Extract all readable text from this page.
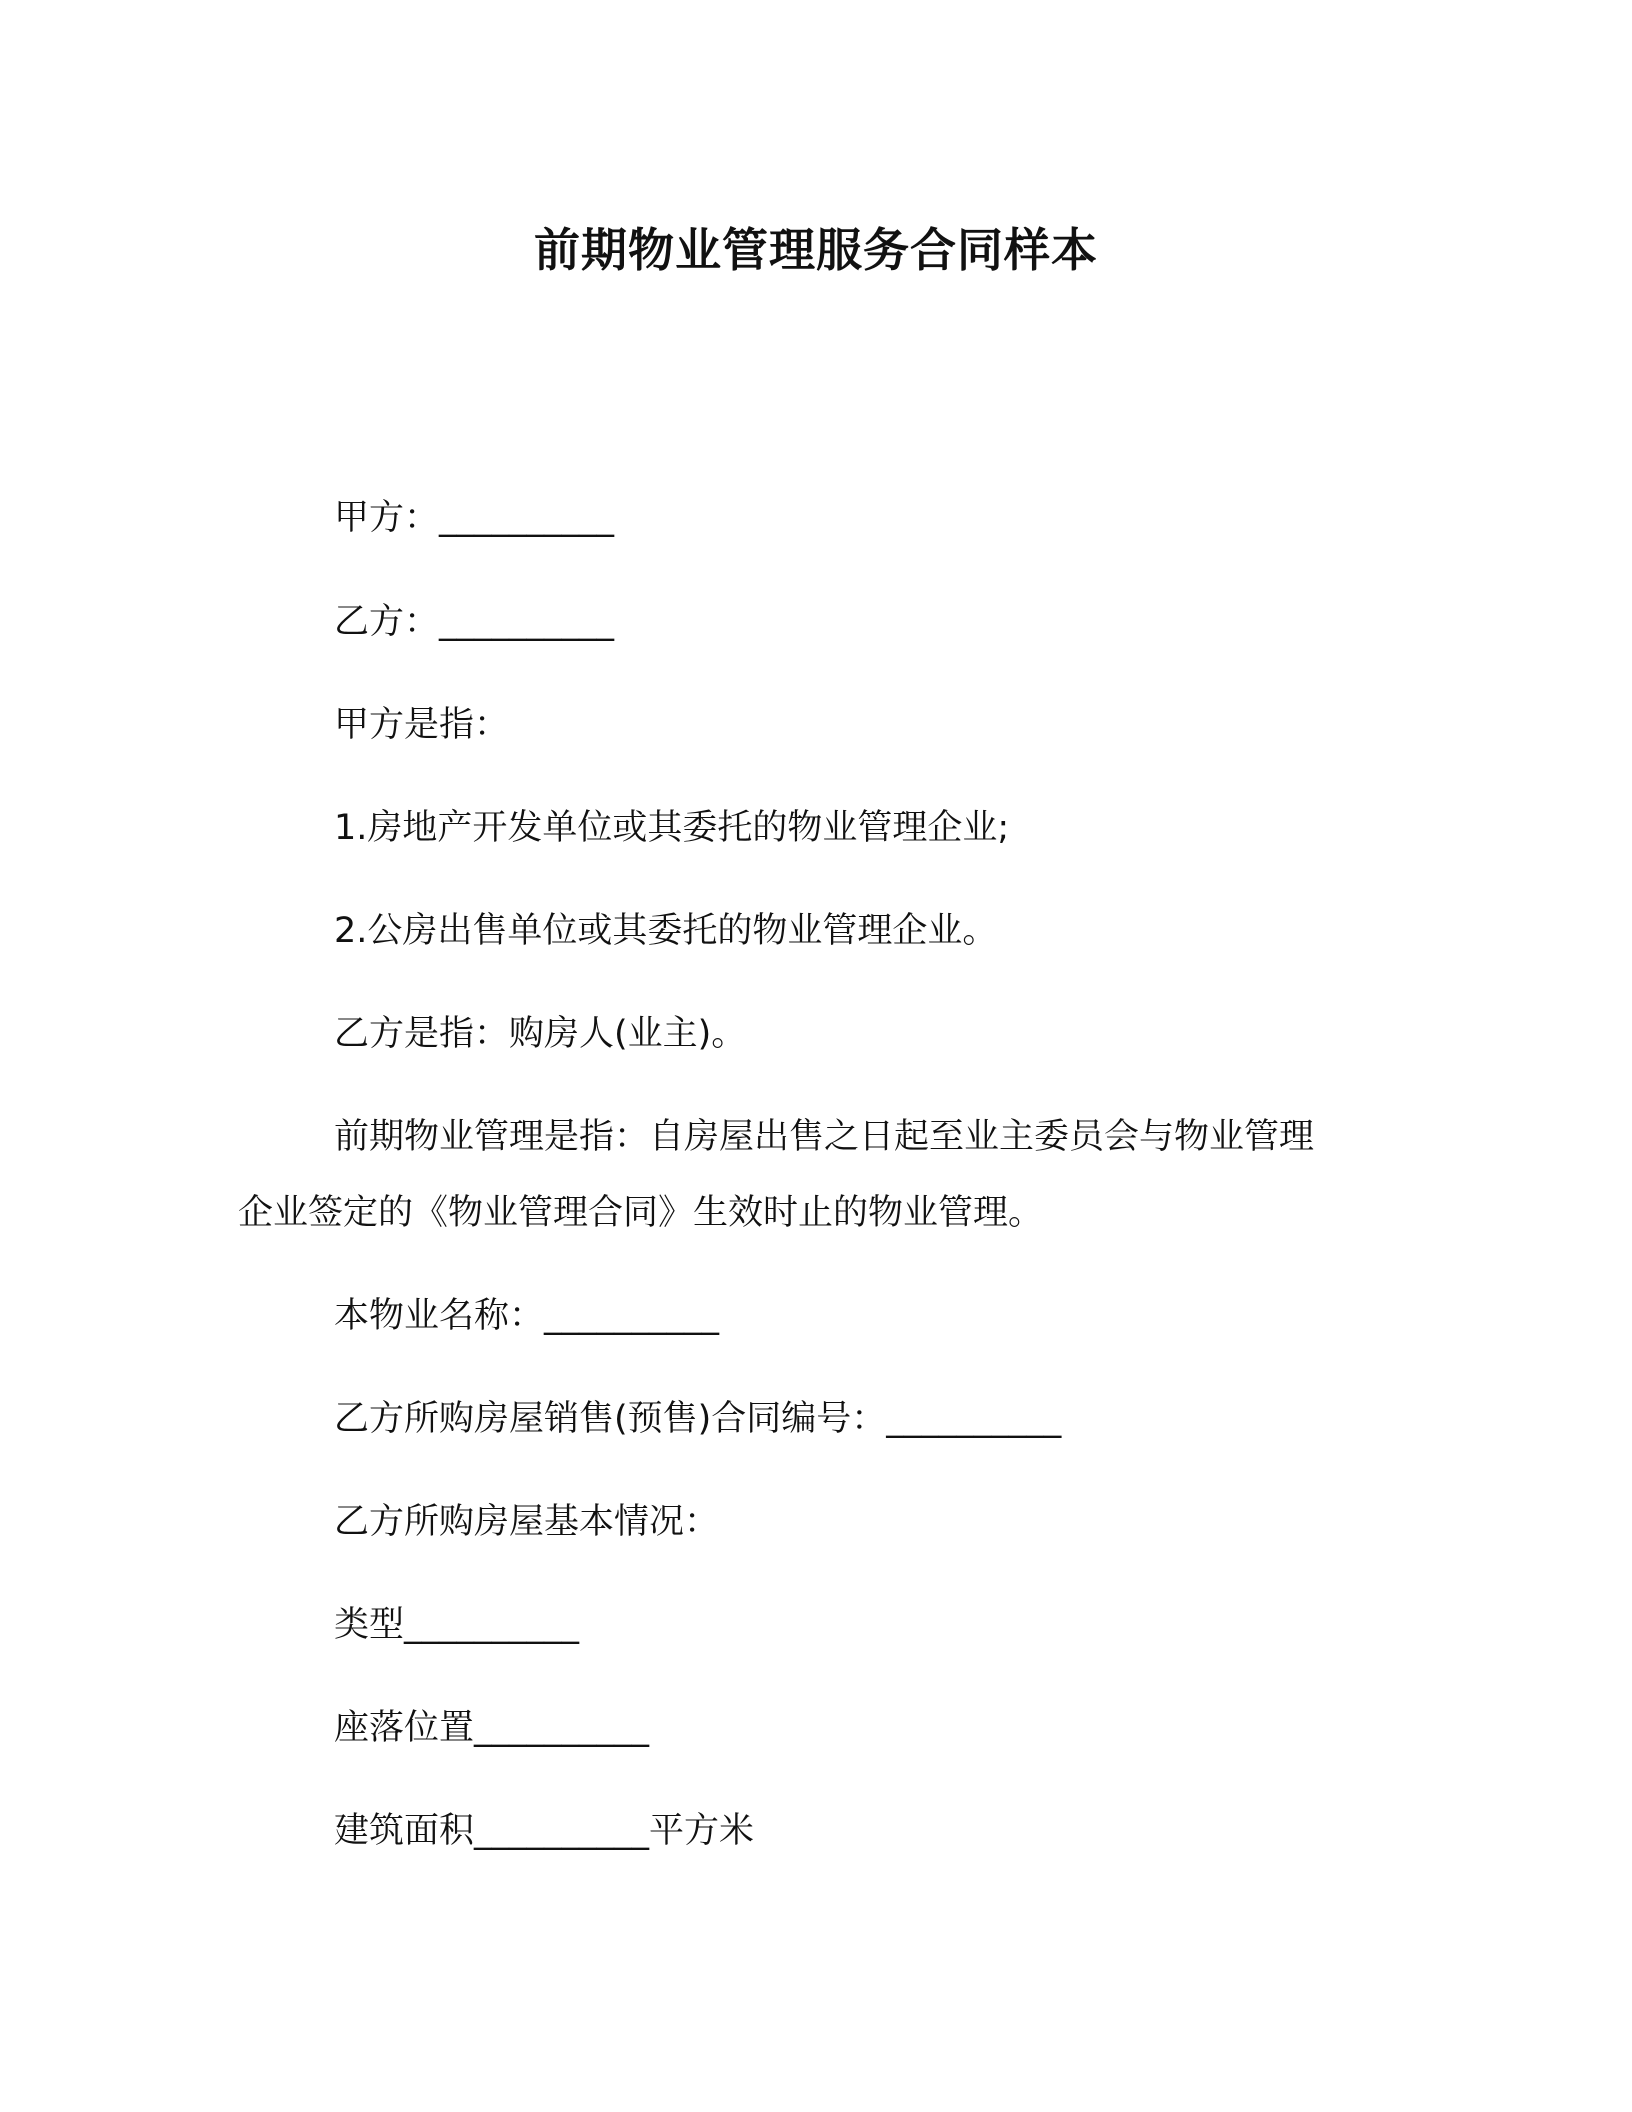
前期物业管理服务合同样本

甲方：__________

乙方：__________

甲方是指：

1.房地产开发单位或其委托的物业管理企业;

2.公房出售单位或其委托的物业管理企业。

乙方是指：购房人(业主)。

前期物业管理是指：自房屋出售之日起至业主委员会与物业管理

企业签定的《物业管理合同》生效时止的物业管理。

本物业名称：__________

乙方所购房屋销售(预售)合同编号：__________

乙方所购房屋基本情况：

类型__________

座落位置__________

建筑面积__________平方米
